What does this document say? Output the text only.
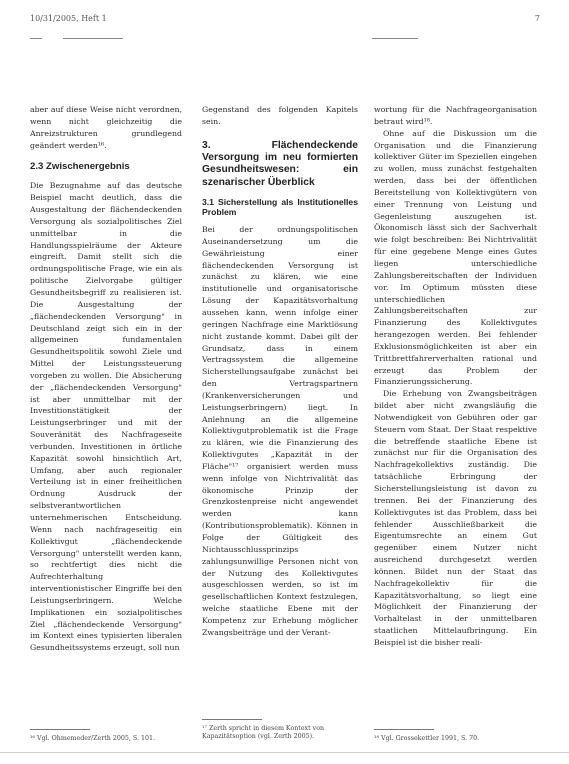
10/31/2005, Heft 1	7

aber auf diese Weise nicht verordnen, wenn nicht gleichzeitig die Anreizstrukturen grundlegend geändert werden¹⁶.

2.3 Zwischenergebnis

Die Bezugnahme auf das deutsche Beispiel macht deutlich, dass die Ausgestaltung der flächendeckenden Versorgung als sozialpolitisches Ziel unmittelbar in die Handlungsspielräume der Akteure eingreift. Damit stellt sich die ordnungspolitische Frage, wie ein als politische Zielvorgabe gültiger Gesundheitsbegriff zu realisieren ist. Die Ausgestaltung der „flächendeckenden Versorgung" in Deutschland zeigt sich ein in der allgemeinen fundamentalen Gesundheitspolitik sowohl Ziele und Mittel der Leistungssteuerung vorgeben zu wollen. Die Absicherung der „flächendeckenden Versorgung" ist aber unmittelbar mit der Investitionstätigkeit der Leistungserbringer und mit der Souveränität des Nachfrageseite verbunden. Investitionen in örtliche Kapazität sowohl hinsichtlich Art, Umfang, aber auch regionaler Verteilung ist in einer freiheitlichen Ordnung Ausdruck der selbstverantwortlichen unternehmerischen Entscheidung. Wenn nach nachfrageseitig ein Kollektivgut „flächendeckende Versorgung" unterstellt werden kann, so rechtfertigt dies nicht die Aufrechterhaltung interventionistischer Eingriffe bei den Leistungserbringern. Welche Implikationen ein sozialpolitisches Ziel „flächendeckende Versorgung" im Kontext eines typisierten liberalen Gesundheitssystems erzeugt, soll nun

Gegenstand des folgenden Kapitels sein.

3. Flächendeckende Versorgung im neu formierten Gesundheitswesen: ein szenarischer Überblick
3.1 Sicherstellung als Institutionelles Problem

Bei der ordnungspolitischen Auseinandersetzung um die Gewährleistung einer flächendeckenden Versorgung ist zunächst zu klären, wie eine institutionelle und organisatorische Lösung der Kapazitätsvorhaltung aussehen kann, wenn infolge einer geringen Nachfrage eine Marktlösung nicht zustande kommt. Dabei gilt der Grundsatz, dass in einem Vertragssystem die allgemeine Sicherstellungsaufgabe zunächst bei den Vertragspartnern (Krankenversicherungen und Leistungserbringern) liegt. In Anlehnung an die allgemeine Kollektivgutproblematik ist die Frage zu klären, wie die Finanzierung des Kollektivgutes „Kapazität in der Fläche"¹⁷ organisiert werden muss wenn infolge von Nichtrivalität das ökonomische Prinzip der Grenzkostenpreise nicht angewendet werden kann (Kontributionsproblematik). Können in Folge der Gültigkeit des Nichtausschlussprinzips zahlungsunwillige Personen nicht von der Nutzung des Kollektivgutes ausgeschlossen werden, so ist im gesellschaftlichen Kontext festzulegen, welche staatliche Ebene mit der Kompetenz zur Erhebung möglicher Zwangsbeiträge und der Verant-

wortung für die Nachfrageorganisation betraut wird¹⁸.

Ohne auf die Diskussion um die Organisation und die Finanzierung kollektiver Güter im Speziellen eingehen zu wollen, muss zunächst festgehalten werden, dass bei der öffentlichen Bereitstellung von Kollektivgütern von einer Trennung von Leistung und Gegenleistung auszugehen ist. Ökonomisch lässt sich der Sachverhalt wie folgt beschreiben: Bei Nichtrivalität für eine gegebene Menge eines Gutes liegen unterschiedliche Zahlungsbereitschaften der Individuen vor. Im Optimum müssten diese unterschiedlichen Zahlungsbereitschaften zur Finanzierung des Kollektivgutes herangezogen werden. Bei fehlender Exklusionsmöglichkeiten ist aber ein Trittbrettfahrerverhalten rational und erzeugt das Problem der Finanzierungssicherung.

Die Erhebung von Zwangsbeiträgen bildet aber nicht zwangsläufig die Notwendigkeit von Gebühren oder gar Steuern vom Staat. Der Staat respektive die betreffende staatliche Ebene ist zunächst nur für die Organisation des Nachfragekollektivs zuständig. Die tatsächliche Erbringung der Sicherstellungsleistung ist davon zu trennen. Bei der Finanzierung des Kollektivgutes ist das Problem, dass bei fehlender Ausschließbarkeit die Eigentumsrechte an einem Gut gegenüber einem Nutzer nicht ausreichend durchgesetzt werden können. Bildet nun der Staat das Nachfragekollektiv für die Kapazitätsvorhaltung, so liegt eine Möglichkeit der Finanzierung der Vorhaltelast in der unmittelbaren staatlichen Mittelaufbringung. Ein Beispiel ist die bisher reali-

¹⁶ Vgl. Ohmemeder/Zerth 2005, S. 101.
¹⁷ Zerth spricht in diesem Kontext von Kapazitätsoption (vgl. Zerth 2005).	¹⁸ Vgl. Grossekettler 1991, S. 70.
